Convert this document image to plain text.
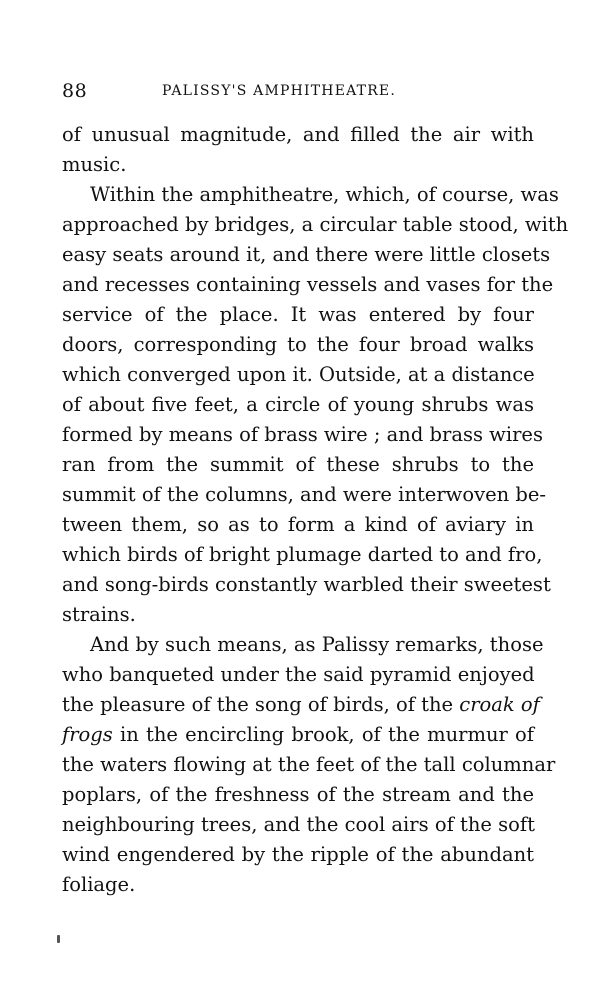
88	PALISSY'S AMPHITHEATRE.
of unusual magnitude, and filled the air with
music.
Within the amphitheatre, which, of course, was
approached by bridges, a circular table stood, with
easy seats around it, and there were little closets
and recesses containing vessels and vases for the
service of the place. It was entered by four
doors, corresponding to the four broad walks
which converged upon it. Outside, at a distance
of about five feet, a circle of young shrubs was
formed by means of brass wire ; and brass wires
ran from the summit of these shrubs to the
summit of the columns, and were interwoven be-
tween them, so as to form a kind of aviary in
which birds of bright plumage darted to and fro,
and song-birds constantly warbled their sweetest
strains.
And by such means, as Palissy remarks, those
who banqueted under the said pyramid enjoyed
the pleasure of the song of birds, of the croak of
frogs in the encircling brook, of the murmur of
the waters flowing at the feet of the tall columnar
poplars, of the freshness of the stream and the
neighbouring trees, and the cool airs of the soft
wind engendered by the ripple of the abundant
foliage.
